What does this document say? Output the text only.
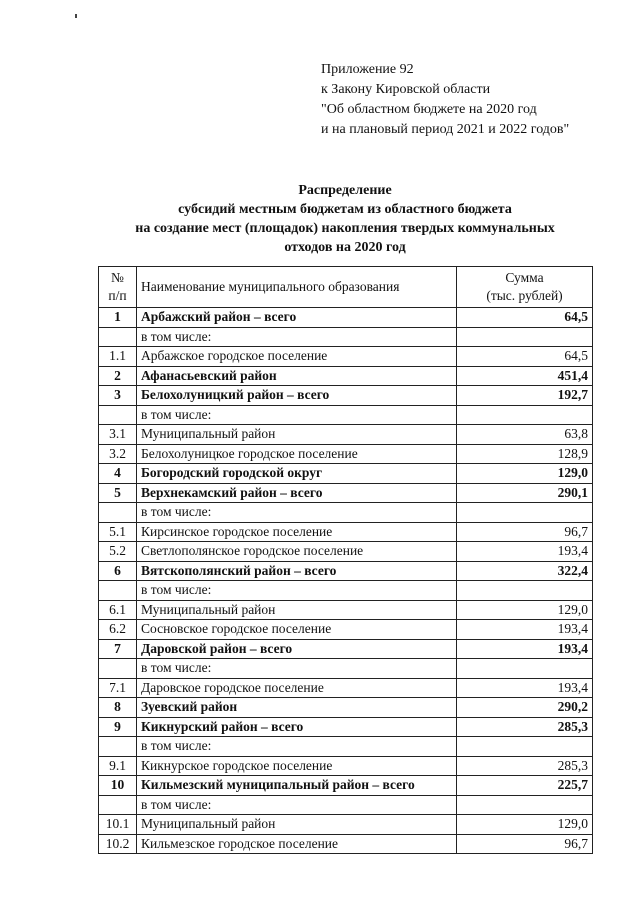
Приложение 92
к Закону Кировской области
"Об областном бюджете на 2020 год
и на плановый период 2021 и 2022 годов"
Распределение
субсидий местным бюджетам из областного бюджета
на создание мест (площадок) накопления твердых коммунальных
отходов на 2020 год
№
п/п	Наименование муниципального образования	Сумма
(тыс. рублей)
1	Арбажский район – всего	64,5
	в том числе:	
1.1	Арбажское городское поселение	64,5
2	Афанасьевский район	451,4
3	Белохолуницкий район – всего	192,7
	в том числе:	
3.1	Муниципальный район	63,8
3.2	Белохолуницкое городское поселение	128,9
4	Богородский городской округ	129,0
5	Верхнекамский район – всего	290,1
	в том числе:	
5.1	Кирсинское городское поселение	96,7
5.2	Светлополянское городское поселение	193,4
6	Вятскополянский район – всего	322,4
	в том числе:	
6.1	Муниципальный район	129,0
6.2	Сосновское городское поселение	193,4
7	Даровской район – всего	193,4
	в том числе:	
7.1	Даровское городское поселение	193,4
8	Зуевский район	290,2
9	Кикнурский район – всего	285,3
	в том числе:	
9.1	Кикнурское городское поселение	285,3
10	Кильмезский муниципальный район – всего	225,7
	в том числе:	
10.1	Муниципальный район	129,0
10.2	Кильмезское городское поселение	96,7
